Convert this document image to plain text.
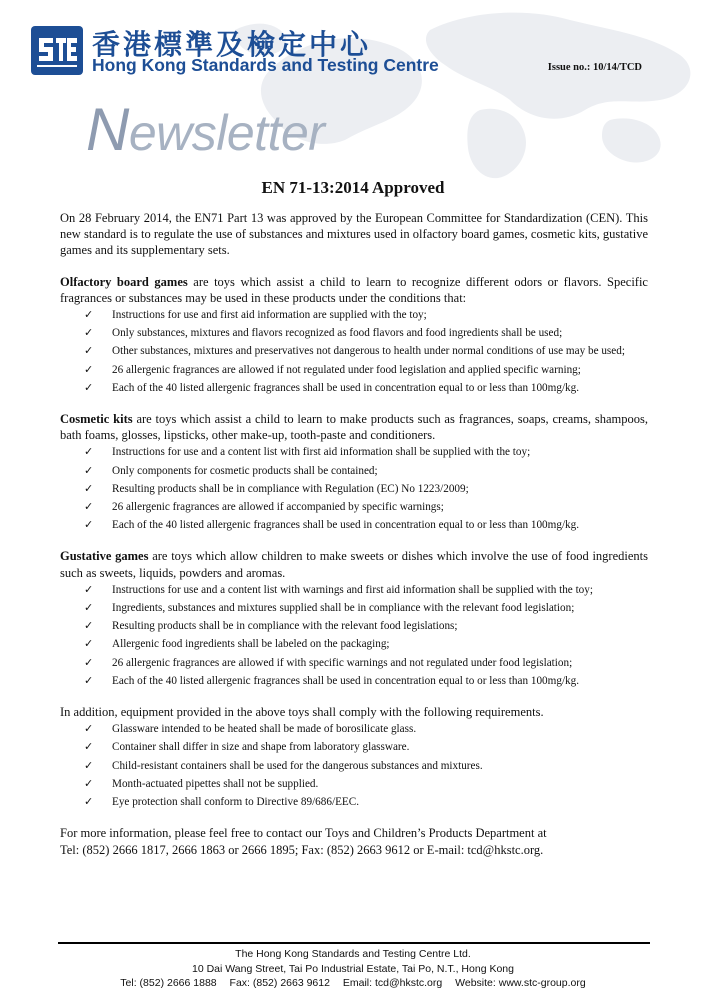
香港標準及檢定中心
Hong Kong Standards and Testing Centre	Issue no.: 10/14/TCD
Newsletter
EN 71-13:2014 Approved

On 28 February 2014, the EN71 Part 13 was approved by the European Committee for Standardization (CEN). This new standard is to regulate the use of substances and mixtures used in olfactory board games, cosmetic kits, gustative games and its supplementary sets.

Olfactory board games are toys which assist a child to learn to recognize different odors or flavors. Specific fragrances or substances may be used in these products under the conditions that:

✓ Instructions for use and first aid information are supplied with the toy;
✓ Only substances, mixtures and flavors recognized as food flavors and food ingredients shall be used;
✓ Other substances, mixtures and preservatives not dangerous to health under normal conditions of use may be used;
✓ 26 allergenic fragrances are allowed if not regulated under food legislation and applied specific warning;
✓ Each of the 40 listed allergenic fragrances shall be used in concentration equal to or less than 100mg/kg.

Cosmetic kits are toys which assist a child to learn to make products such as fragrances, soaps, creams, shampoos, bath foams, glosses, lipsticks, other make-up, tooth-paste and conditioners.

✓ Instructions for use and a content list with first aid information shall be supplied with the toy;
✓ Only components for cosmetic products shall be contained;
✓ Resulting products shall be in compliance with Regulation (EC) No 1223/2009;
✓ 26 allergenic fragrances are allowed if accompanied by specific warnings;
✓ Each of the 40 listed allergenic fragrances shall be used in concentration equal to or less than 100mg/kg.

Gustative games are toys which allow children to make sweets or dishes which involve the use of food ingredients such as sweets, liquids, powders and aromas.

✓ Instructions for use and a content list with warnings and first aid information shall be supplied with the toy;
✓ Ingredients, substances and mixtures supplied shall be in compliance with the relevant food legislation;
✓ Resulting products shall be in compliance with the relevant food legislations;
✓ Allergenic food ingredients shall be labeled on the packaging;
✓ 26 allergenic fragrances are allowed if with specific warnings and not regulated under food legislation;
✓ Each of the 40 listed allergenic fragrances shall be used in concentration equal to or less than 100mg/kg.

In addition, equipment provided in the above toys shall comply with the following requirements.

✓ Glassware intended to be heated shall be made of borosilicate glass.
✓ Container shall differ in size and shape from laboratory glassware.
✓ Child-resistant containers shall be used for the dangerous substances and mixtures.
✓ Month-actuated pipettes shall not be supplied.
✓ Eye protection shall conform to Directive 89/686/EEC.
For more information, please feel free to contact our Toys and Children’s Products Department at
Tel: (852) 2666 1817, 2666 1863 or 2666 1895; Fax: (852) 2663 9612 or E-mail: tcd@hkstc.org.
The Hong Kong Standards and Testing Centre Ltd.
10 Dai Wang Street, Tai Po Industrial Estate, Tai Po, N.T., Hong Kong
Tel: (852) 2666 1888 Fax: (852) 2663 9612 Email: tcd@hkstc.org Website: www.stc-group.org
